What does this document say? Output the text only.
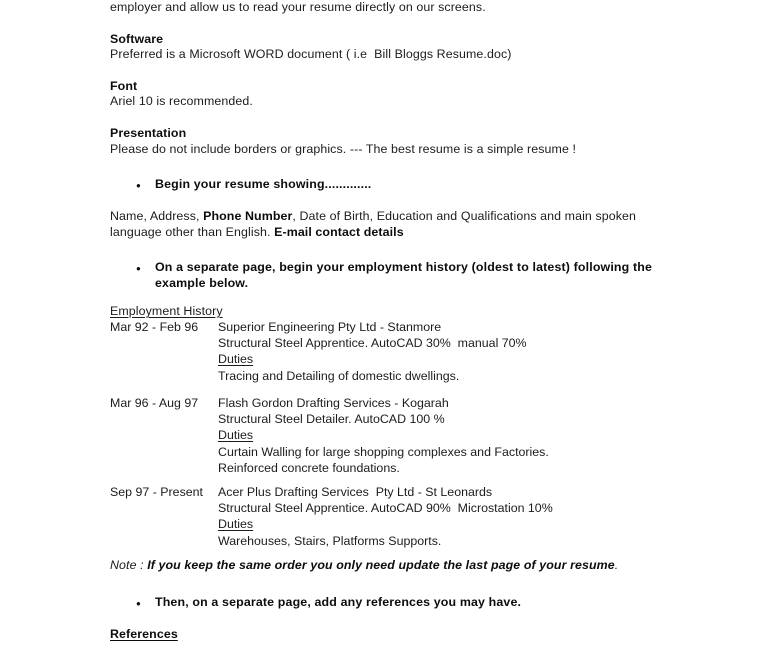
employer and allow us to read your resume directly on our screens.
Software
Preferred is a Microsoft WORD document ( i.e  Bill Bloggs Resume.doc)
Font
Ariel 10 is recommended.
Presentation
Please do not include borders or graphics. --- The best resume is a simple resume !
●
Begin your resume showing.............
Name, Address, Phone Number, Date of Birth, Education and Qualifications and main spoken language other than English. E-mail contact details
●
On a separate page, begin your employment history (oldest to latest) following the example below.
Employment History
Mar 92 - Feb 96	Superior Engineering Pty Ltd - Stanmore
Structural Steel Apprentice. AutoCAD 30%  manual 70%
Duties
Tracing and Detailing of domestic dwellings.
Mar 96 - Aug 97	Flash Gordon Drafting Services - Kogarah
Structural Steel Detailer. AutoCAD 100 %
Duties
Curtain Walling for large shopping complexes and Factories.
Reinforced concrete foundations.
Sep 97 - Present	Acer Plus Drafting Services  Pty Ltd - St Leonards
Structural Steel Apprentice. AutoCAD 90%  Microstation 10%
Duties
Warehouses, Stairs, Platforms Supports.
Note : If you keep the same order you only need update the last page of your resume.
●
Then, on a separate page, add any references you may have.
References
